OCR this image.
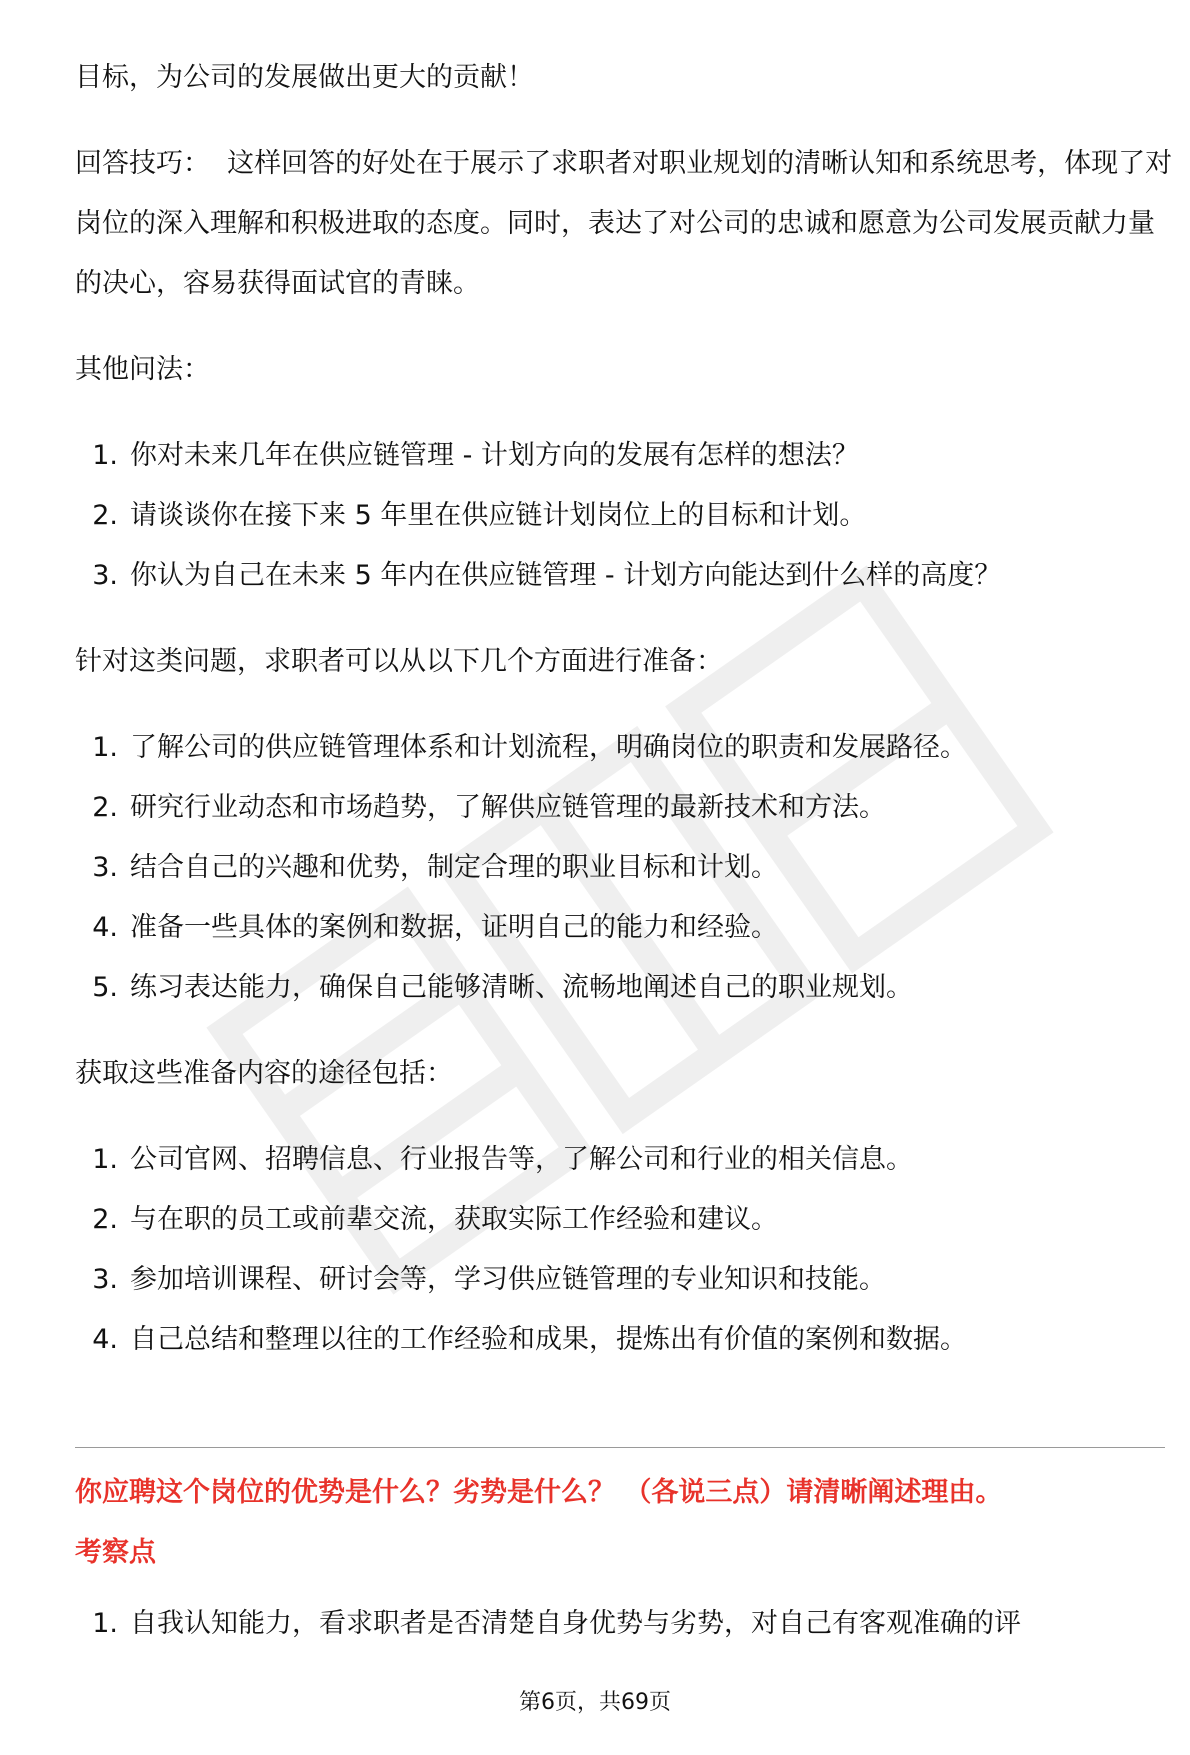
目标，为公司的发展做出更大的贡献！

回答技巧： 这样回答的好处在于展示了求职者对职业规划的清晰认知和系统思考，体现了对岗位的深入理解和积极进取的态度。同时，表达了对公司的忠诚和愿意为公司发展贡献力量的决心，容易获得面试官的青睐。

其他问法：

1. 你对未来几年在供应链管理 - 计划方向的发展有怎样的想法？
2. 请谈谈你在接下来 5 年里在供应链计划岗位上的目标和计划。
3. 你认为自己在未来 5 年内在供应链管理 - 计划方向能达到什么样的高度？

针对这类问题，求职者可以从以下几个方面进行准备：

1. 了解公司的供应链管理体系和计划流程，明确岗位的职责和发展路径。
2. 研究行业动态和市场趋势，了解供应链管理的最新技术和方法。
3. 结合自己的兴趣和优势，制定合理的职业目标和计划。
4. 准备一些具体的案例和数据，证明自己的能力和经验。
5. 练习表达能力，确保自己能够清晰、流畅地阐述自己的职业规划。

获取这些准备内容的途径包括：

1. 公司官网、招聘信息、行业报告等，了解公司和行业的相关信息。
2. 与在职的员工或前辈交流，获取实际工作经验和建议。
3. 参加培训课程、研讨会等，学习供应链管理的专业知识和技能。
4. 自己总结和整理以往的工作经验和成果，提炼出有价值的案例和数据。

你应聘这个岗位的优势是什么？劣势是什么？ （各说三点）请清晰阐述理由。

考察点

1. 自我认知能力，看求职者是否清楚自身优势与劣势，对自己有客观准确的评
第6页，共69页
